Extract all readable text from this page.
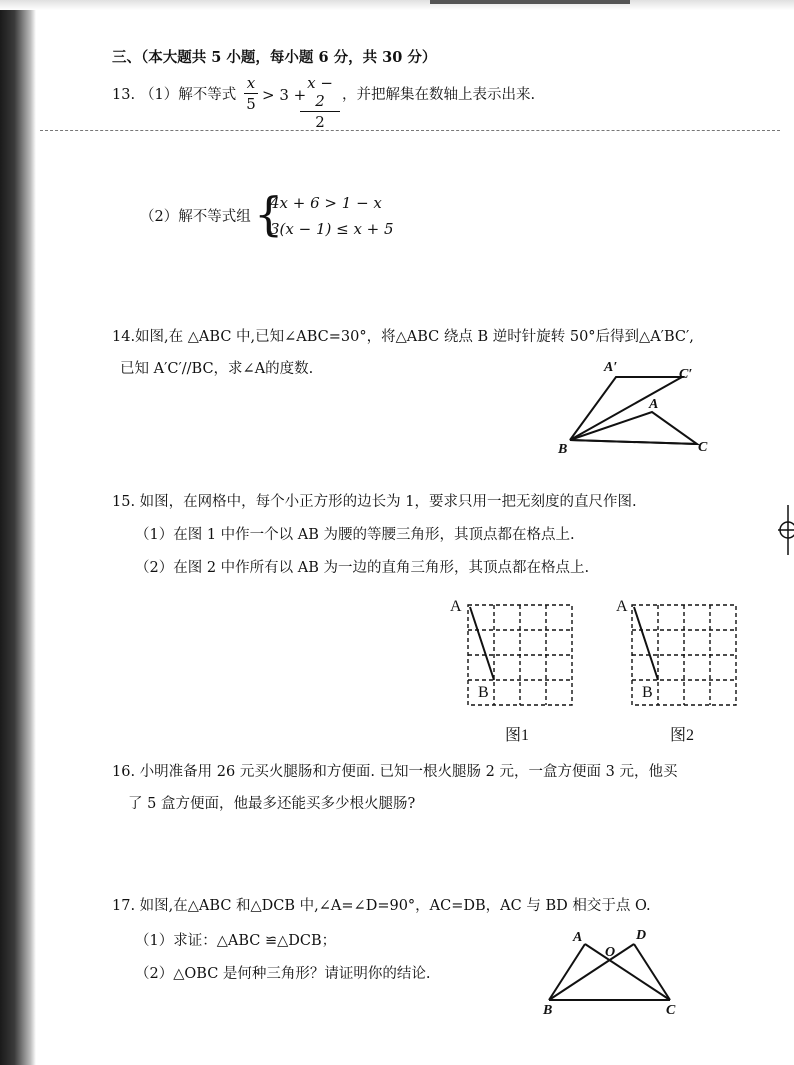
三、（本大题共 5 小题，每小题 6 分，共 30 分）
13. （1）解不等式
x
5 > 3 +
x − 2
2
，并把解集在数轴上表示出来.
（2）解不等式组 {
4x + 6 > 1 − x
3(x − 1) ≤ x + 5
14.如图,在 △ABC 中,已知∠ABC=30°，将△ABC 绕点 B 逆时针旋转 50°后得到△A′BC′,
已知 A′C′//BC，求∠A的度数.	A′	C′
A
B	C
15. 如图，在网格中，每个小正方形的边长为 1，要求只用一把无刻度的直尺作图.
（1）在图 1 中作一个以 AB 为腰的等腰三角形，其顶点都在格点上.
（2）在图 2 中作所有以 AB 为一边的直角三角形，其顶点都在格点上.
A
B
A
B
图1	图2
16. 小明准备用 26 元买火腿肠和方便面. 已知一根火腿肠 2 元，一盒方便面 3 元，他买
了 5 盒方便面，他最多还能买多少根火腿肠?
17. 如图,在△ABC 和△DCB 中,∠A=∠D=90°，AC=DB，AC 与 BD 相交于点 O.
（1）求证：△ABC ≌△DCB；
（2）△OBC 是何种三角形？请证明你的结论.
A
O
D
B	C
